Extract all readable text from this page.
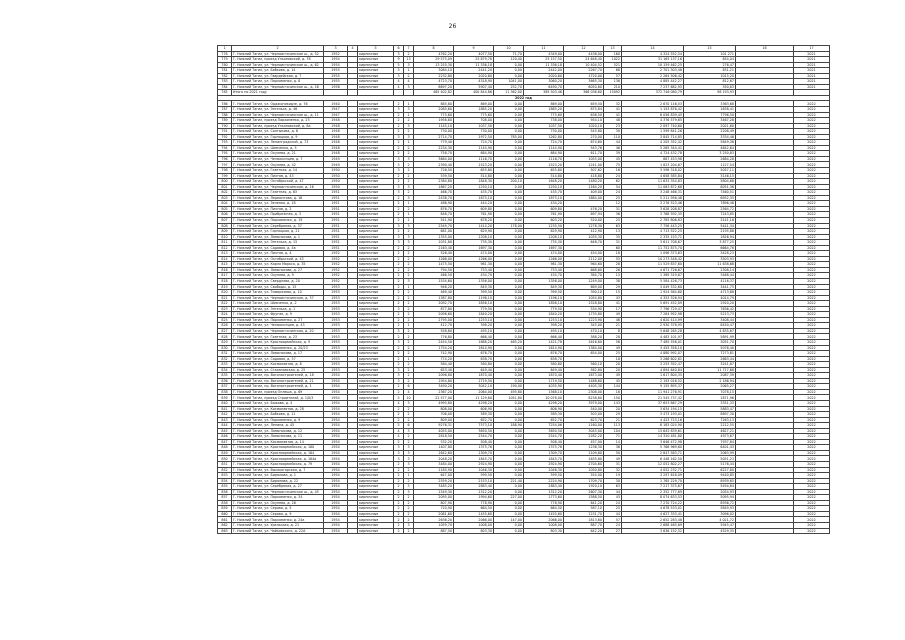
26
1	2	3	4	5	6	7	8	9	10	11	12	13	14	15	16	17
778	Г. Нижний Тагил, ул. Черноисточинское ш., д. 52	1952		кирпичные	3	2	4762,20	4077,50	71,70	4349,00	4436,00	160	4 324 552,54	101 271		2021
779	Г. Нижний Тагил, проезд Ульяновский, д. 78	1954		кирпичные	9	13	29 575,09	25 879,78	120,40	25 157,50	24 648,40	1022	31 165 137,16	854,04		2021
780	Г. Нижний Тагил, ул. Черноисточинское ш., д. 62	1954		кирпичные	5	3	13 255,30	11 336,18	0,00	11 336,18	10 404,52	521	10 159 462,25	276,47		2021
781	Г. Нижний Тагил, ул. Бобкова, д. 14	1955		кирпичные	3	1	3084,10	2441,20	0,00	2442,00	2267,70	68	2 701 303,48	831,21		2021
782	Г. Нижний Тагил, ул. Гвардейская, д. 7	1955		кирпичные	3	2	2232,80	2020,60	0,00	2020,60	1720,00	57	2 264 506,42	1015,20		2021
783	Г. Нижний Тагил, ул. Пархоменко, д. 8	1955		кирпичные	4	4	4723,70	4318,90	1041,00	3060,20	3665,30	136	4 885 442,27	812,67		2021
784	Г. Нижний Тагил, ул. Черноисточинское ш., д. 16	1956		кирпичные	4	3	6697,20	5907,40	252,70	6490,70	6050,60	210	7 237 682,95	350,83		2021
785	Итого по 2021 году						465 402,82	400 844,86	11 362,00	389 503,46	366 036,60	15092	372 746 080,79	98 193,93		
2022 год																
786	Г. Нижний Тагил, ул. Орджоникидзе, д. 76	1940		кирпичные	2	1	885,80	869,00	0,00	869,00	659,50	32	2 670 116,53	3363,68		2022
787	Г. Нижний Тагил, ул. Энгельса, д. 46	1947		кирпичные	3	3	2085,60	1885,20	0,00	1885,20	875,84	41	1 153 876,42	1638,41		2022
788	Г. Нижний Тагил, ул. Черноисточинское ш., д. 11	1947		кирпичные	2	1	775,60	775,60	0,00	775,60	636,50	41	6 056 839,45	7796,50		2022
789	Г. Нижний Тагил, проезд Пархоменко, д. 23	1948		кирпичные	2	2	1958,80	708,00	0,00	738,00	954,10	48	4 376 579,65	3467,26		2022
790	Г. Нижний Тагил, проезд Ульяновский, д. 8а	1948		кирпичные	2	3	1145,10	1037,50	0,00	1037,50	1020,10	23	2 097 740,60	2021,60		2022
791	Г. Нижний Тагил, ул. Салтыкова, д. 6	1948		кирпичные	2	2	730,00	730,00	0,00	730,00	545,80	30	1 599 841,26	2208,49		2022
792	Г. Нижний Тагил, ул. Горняцкая, д. 9	1948		кирпичные	3	3	2714,70	1972,50	785,00	1262,80	270,00	110	3 845 714,85	3334,46		2022
793	Г. Нижний Тагил, ул. Ленинградский, д. 73	1948		кирпичные	2	1	779,40	724,70	0,00	724,70	674,60	44	4 205 352,42	5849,36		2022
794	Г. Нижний Тагил, ул. Шевченко, д. 5	1948		кирпичные	2	2	2234,30	1144,90	0,00	1144,90	543,76	46	5 265 344,41	4642,64		2022
795	Г. Нижний Тагил, ул. Окунева, д. 21	1948		кирпичные	2	2	758,70	684,90	0,00	684,90	611,70	39	4 724 432,78	3 250,83		2022
796	Г. Нижний Тагил, ул. Челюскинцев, д. 7	1949		кирпичные	3	3	3684,00	1116,70	0,00	1116,70	1055,00	45	887 453,98	2684,28		2022
797	Г. Нижний Тагил, ул. Окунева, д. 42	1949		кирпичные	3	2	2390,40	1523,20	0,00	1523,20	1241,00	75	1 823 204,67	1127,54		2022
798	Г. Нижний Тагил, ул. Газетная, д. 14	1950		кирпичные	3	2	726,50	655,80	0,00	655,80	507,62	16	3 598 318,02	5057,11		2022
799	Г. Нижний Тагил, ул. Пихтов, д. 43	1950		кирпичные	2	2	539,50	514,80	0,00	514,80	418,80	24	4 658 585,84	3146,15		2022
800	Г. Нижний Тагил, ул. Октябрьской, д. 47	1950		кирпичные	2	2	2384,80	1848,30	200,10	1648,20	1480,20	62	11 635 354,83	5804,68		2022
801	Г. Нижний Тагил, ул. Черноисточинское, д. 16	1950		кирпичные	3	3	1867,20	1250,10	0,00	1250,10	1164,20	54	11 063 872,68	8051,36		2022
802	Г. Нижний Тагил, ул. Газетная, д. 63	1951		кирпичные	3	2	466,70	435,70	0,00	435,70	409,00	24	3 248 466,31	7460,51		2022
803	Г. Нижний Тагил, ул. Лермонтова, д. 16	1951		кирпичные	2	3	2438,70	1875,10	0,00	1875,10	1684,00	25	5 211 956,48	6952,35		2022
804	Г. Нижний Тагил, ул. Зеленая, д. 18	1951		кирпичные	2	1	486,90	444,20	0,00	434,20		12	3 276 523,46	7896,48		2022
805	Г. Нижний Тагил, ул. Пихтов, д. 2	1951		кирпичные	2	2	876,70	609,80	0,00	609,80	476,20	31	3 628 208,87	2564,72		2022
806	Г. Нижний Тагил, ул. Прибрежная, д. 3	1951		кирпичные	2	1	848,70	761,90	0,00	761,90	697,94	36	3 768 592,35	7243,85		2022
807	Г. Нижний Тагил, ул. Пархоменко, д. 19	1951		кирпичные	2	1	541,90	678,20	0,00	603,20	520,00	25	2 785 806,83	3141,16		2022
808	Г. Нижний Тагил, ул. Серебряная, д. 37	1951		кирпичные	3	3	2549,70	1414,20	178,00	1235,50	1278,30	63	7 756 443,25	5441,34		2022
809	Г. Нижний Тагил, ул. Горняцкая, д. 21	1951		кирпичные	2	2	681,00	629,90	0,00	629,90	412,90	13	4 713 522,25	2195,86		2022
810	Г. Нижний Тагил, ул. Ломоносова, д. 1	1951		кирпичные	3	3	1355,00	1208,10	0,00	1208,10	1035,30	35	2 335 153,71	1826,94		2022
811	Г. Нижний Тагил, ул. Энгельса, д. 15	1951		кирпичные	3	3	1031,80	735,30	0,00	735,30	648,70	31	3 611 708,67	3 877,25		2022
812	Г. Нижний Тагил, ул. Садовая, д. 4а	1951		кирпичные	2	2	2163,40	1697,30	0,00	1697,30		60	11 752 875,70	6664,76		2022
813	Г. Нижний Тагил, ул. Пихтов, д. 4	1952		кирпичные	2	2	526,40	474,00	0,00	474,00	454,00	18	1 096 373,63	3428,23		2022
814	Г. Нижний Тагил, ул. Октябрьской, д. 43	1952		кирпичные	2	2	1266,00	1266,00	0,00	1266,00	2112,00	55	10 273 548,42	3503,93		2022
815	Г. Нижний Тагил, ул. Карла Маркса, д. 35	1952		кирпичные	2	2	1475,50	981,30	0,00	981,30	964,60	28	11 529 837,60	11 638,68		2022
816	Г. Нижний Тагил, ул. Ломоносова, д. 27	1952		кирпичные	2	2	794,50	753,40	0,00	753,40	668,60	26	4 671 726,67	2308,14		2022
817	Г. Нижний Тагил, ул. Окунева, д. 9	1952		кирпичные	2	2	466,50	434,70	0,00	434,70	384,70	15	1 389 319,67	3468,44		2022
818	Г. Нижний Тагил, ул. Свердлова, д. 20	1952		кирпичные	2	3	1534,60	1356,00	0,00	1356,00	1249,00	38	5 584 426,73	4116,37		2022
819	Г. Нижний Тагил, ул. Свободы, д. 15	1953		кирпичные	2	1	946,20	849,30	0,00	849,30	689,00	29	3 049 532,60	3441,75		2022
820	Г. Нижний Тагил, ул. Тимирязева, д. 10	1953		кирпичные	2	2	469,40	399,50	0,00	399,50	390,10	15	1 924 564,60	4713,88		2022
821	Г. Нижний Тагил, ул. Черноисточинское, д. 37	1953		кирпичные	2	2	1387,80	1196,10	0,00	1196,10	1054,80	43	4 353 526,94	4014,79		2022
822	Г. Нижний Тагил, ул. Шевченко, д. 2	1953		кирпичные	2	2	2092,70	1856,10	0,00	1856,10	1528,80	41	5 691 452,09	2920,20		2022
823	Г. Нижний Тагил, ул. Энгельса, д. 1	1953		кирпичные	3	2	877,80	779,50	0,00	779,50	534,90	17	7 796 729,47	7636,42		2022
824	Г. Нижний Тагил, ул. Фрунзе, д. 9	1953		кирпичные	2	2	2098,60	1840,20	0,00	1840,20	1735,80	49	7 284 952,98	5213,73		2022
825	Г. Нижний Тагил, ул. Пархоменко, д. 27	1953		кирпичные	2	2	2795,00	1253,10	0,00	1253,10	1223,90	46	4 620 414,99	3408,44		2022
826	Г. Нижний Тагил, ул. Челюскинцев, д. 43	1953		кирпичные	2	1	412,70	398,20	0,00	398,20	345,00	21	2 930 378,95	8450,47		2022
827	Г. Нижний Тагил, ул. Черноисточинская, д. 20	1953		кирпичные	3	2	558,80	495,10	0,00	495,10	470,10	8	5 648 265,28	4 635,67		2022
828	Г. Нижний Тагил, ул. Газетная, д. 23	1953		кирпичные	2	2	776,80	666,40	0,00	666,40	588,20	28	4 483 101,97	5891,99		2022
829	Г. Нижний Тагил, ул. Красноармейская, д. 9	1953		кирпичные	3	2	2454,50	1888,20	465,20	1421,78	1616,60	56	7 485 556,01	3051,70		2022
830	Г. Нижний Тагил, ул. Пархоменко, д. 20/23	1953		кирпичные	2	2	1754,20	1614,90	0,00	1614,90	1384,00	49	3 455 358,10	5076,40		2022
831	Г. Нижний Тагил, ул. Ломоносова, д. 17	1953		кирпичные	2	2	742,90	676,70	0,00	676,70	654,00	25	4 880 992,07	7273,81		2022
832	Г. Нижний Тагил, ул. Садовая, д. 57	1953		кирпичные	2	1	774,20	638,70	0,00	638,70		18	3 266 602,81	2663,44		2022
833	Г. Нижний Тагил, ул. Космонавтов, д. 8	1953		кирпичные	2	2	584,40	580,80	0,00	580,80	560,10	20	3 253 352,47	3241,87		2022
834	Г. Нижний Тагил, ул. Стахановская, д. 25	1953		кирпичные	3	2	653,40	649,40	0,00	649,40	582,80	20	4 894 640,84	11 717,66		2022
835	Г. Нижний Тагил, пр. Вагоностроителей, д. 18	1954		кирпичные	3	2	2096,80	1870,40	0,00	1870,40	1673,00	49	1 617 804,35	2087,39		2022
836	Г. Нижний Тагил, пр. Вагоностроителей, д. 21	1954		кирпичные	3	2	1954,80	1719,50	0,00	1719,50	1488,60	45	2 193 016,52	2 186,94		2022
837	Г. Нижний Тагил, пр. Вагоностроителей, д. 1	1954		кирпичные	2	6	3490,20	3042,10	190,00	4035,90	4405,30	144	9 155 895,37	2065,27		2022
838	Г. Нижний Тагил, проезд Оплеша, д. 69	1954		кирпичные	2	4	2367,20	2064,00	495,80	1568,10	2308,00	16	11 941 276,91	7078,15		2022
839	Г. Нижний Тагил, проезд Строителей, д. 1/0/3	1954		кирпичные	5	10	22 577,00	11 129,80	1051,80	10 078,00	8238,60	150	21 545 737,42	1871,96		2022
840	Г. Нижний Тагил, ул. Бажова, д. 4	1954		кирпичные	4	3	4995,80	4298,20	0,00	4298,20	3979,00	143	37 653 867,29	3351,33		2022
841	Г. Нижний Тагил, ул. Космонавтов, д. 28	1954		кирпичные	2	2	808,00	606,90	0,00	606,90	540,00	20	3 634 194,15	5883,47		2022
842	Г. Нижний Тагил, ул. Бобкова, д. 11	1954		кирпичные	2	2	706,00	589,30	0,00	589,30	503,00	29	3 473 193,01	8897,30		2022
843	Г. Нижний Тагил, ул. Пархоменко, д. 9	1954		кирпичные	2	2	809,00	652,70	0,00	652,70	623,70	21	4 423 723,16	7263,13		2022
844	Г. Нижний Тагил, ул. Ленина, д. 45	1954		кирпичные	5	6	9276,31	7573,10	188,90	7254,06	1160,00	113	8 183 024,90	2212,55		2022
845	Г. Нижний Тагил, ул. Ломоносова, д. 12	1954		кирпичные	4	3	4055,00	3650,50	0,00	3650,50	3045,00	104	15 645 839,61	4627,21		2022
846	Г. Нижний Тагил, ул. Ломоносова, д. 11	1954		кирпичные	4	2	2818,50	2544,70	0,00	2544,70	2282,20	71	14 320 481,80	4973,67		2022
847	Г. Нижний Тагил, ул. Космонавтов, д. 14	1954		кирпичные	2	2	532,20	508,40	0,00	508,40	457,00	14	3 646 472,98	7937,84		2022
848	Г. Нижний Тагил, ул. Красноармейская, д. 160	1954		кирпичные	3	3	1407,80	1375,76	0,00	1375,76	1236,30	36	5 768 969,60	6401,43		2022
849	Г. Нижний Тагил, ул. Красноармейская, д. 164	1954		кирпичные	3	3	1642,60	1309,70	0,00	1309,70	1109,60	50	2 847 583,71	2063,99		2022
850	Г. Нижний Тагил, ул. Красноармейская, д. 164а	1954		кирпичные	3	3	2048,20	1845,70	0,00	1845,70	1635,80	49	6 448 162,50	5051,23		2022
851	Г. Нижний Тагил, ул. Красноармейская, д. 79	1954		кирпичные	2	3	3484,00	2924,90	0,00	2924,90	2704,60	31	12 052 802,27	5176,44		2022
852	Г. Нижний Тагил, ул. Высокогорская, д. 7	1954		кирпичные	2	2	1185,90	1046,30	0,00	1046,30	1050,80	32	4 052 232,71	6227,80		2022
853	Г. Нижний Тагил, ул. Бирюзова, д. 1	1954		кирпичные	2	1	647,00	599,50	0,00	599,50	554,00	19	3 297 616,09	9440,85		2022
854	Г. Нижний Тагил, ул. Бирюзова, д. 22	1954		кирпичные	2	2	2559,20	2153,10	221,40	2224,90	1709,70	30	1 765 229,70	8939,65		2022
855	Г. Нижний Тагил, ул. Серебряная, д. 27	1954		кирпичные	2	3	3485,20	2883,40	0,00	2883,40	1920,10	63	7 217 375,67	5494,84		2022
856	Г. Нижний Тагил, ул. Черноисточинское ш., д. 45	1954		кирпичные	2	3	1549,30	1312,20	0,00	1312,20	2607,30	44	2 352 777,69	2054,93		2022
857	Г. Нижний Тагил, ул. Пархоменко, д. 34	1954		кирпичные	2	2	2095,00	1994,60	227,00	1773,60	1588,50	43	8 074 633,53	5095,94		2022
858	Г. Нижний Тагил, ул. Окунева, д. 26	1954		кирпичные	2	2	807,90	778,90	0,00	778,90	641,20	24	7 270 724,22	8936,72		2022
859	Г. Нижний Тагил, ул. Серова, д. 5	1954		кирпичные	2	2	720,90	664,50	0,00	664,50	587,10	25	4 678 533,01	5849,93		2022
860	Г. Нижний Тагил, ул. Серова, д. 9	1954		кирпичные	2	2	2081,60	1455,60	0,00	1455,60	1231,70	44	4 627 333,41	3096,02		2022
861	Г. Нижний Тагил, ул. Пархоменко, д. 24а	1954		кирпичные	2	2	2636,20	2066,00	147,00	2066,00	1813,60	57	2 652 283,48	4 021,72		2022
862	Г. Нижний Тагил, ул. Уральская, д. 21	1954		кирпичные	2	3	1059,70	1008,00	0,00	1008,00	887,70	24	2 688 465,69	5945,47		2022
863	Г. Нижний Тагил, ул. Чайковского, д. 22А	1954		кирпичные	2	2	887,50	803,30	0,00	803,30	642,20	27	3 636 152,32	4529,35		2022
